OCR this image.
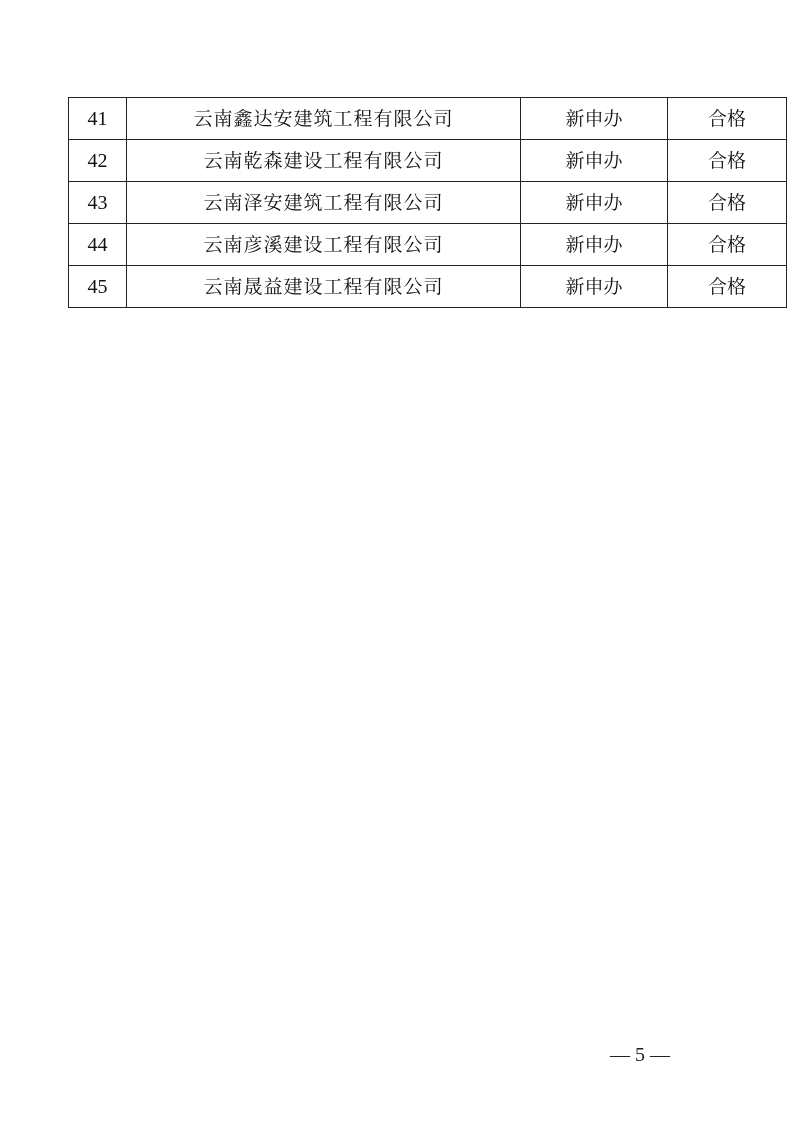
41	云南鑫达安建筑工程有限公司	新申办	合格
42	云南乾森建设工程有限公司	新申办	合格
43	云南泽安建筑工程有限公司	新申办	合格
44	云南彦溪建设工程有限公司	新申办	合格
45	云南晟益建设工程有限公司	新申办	合格
— 5 —
